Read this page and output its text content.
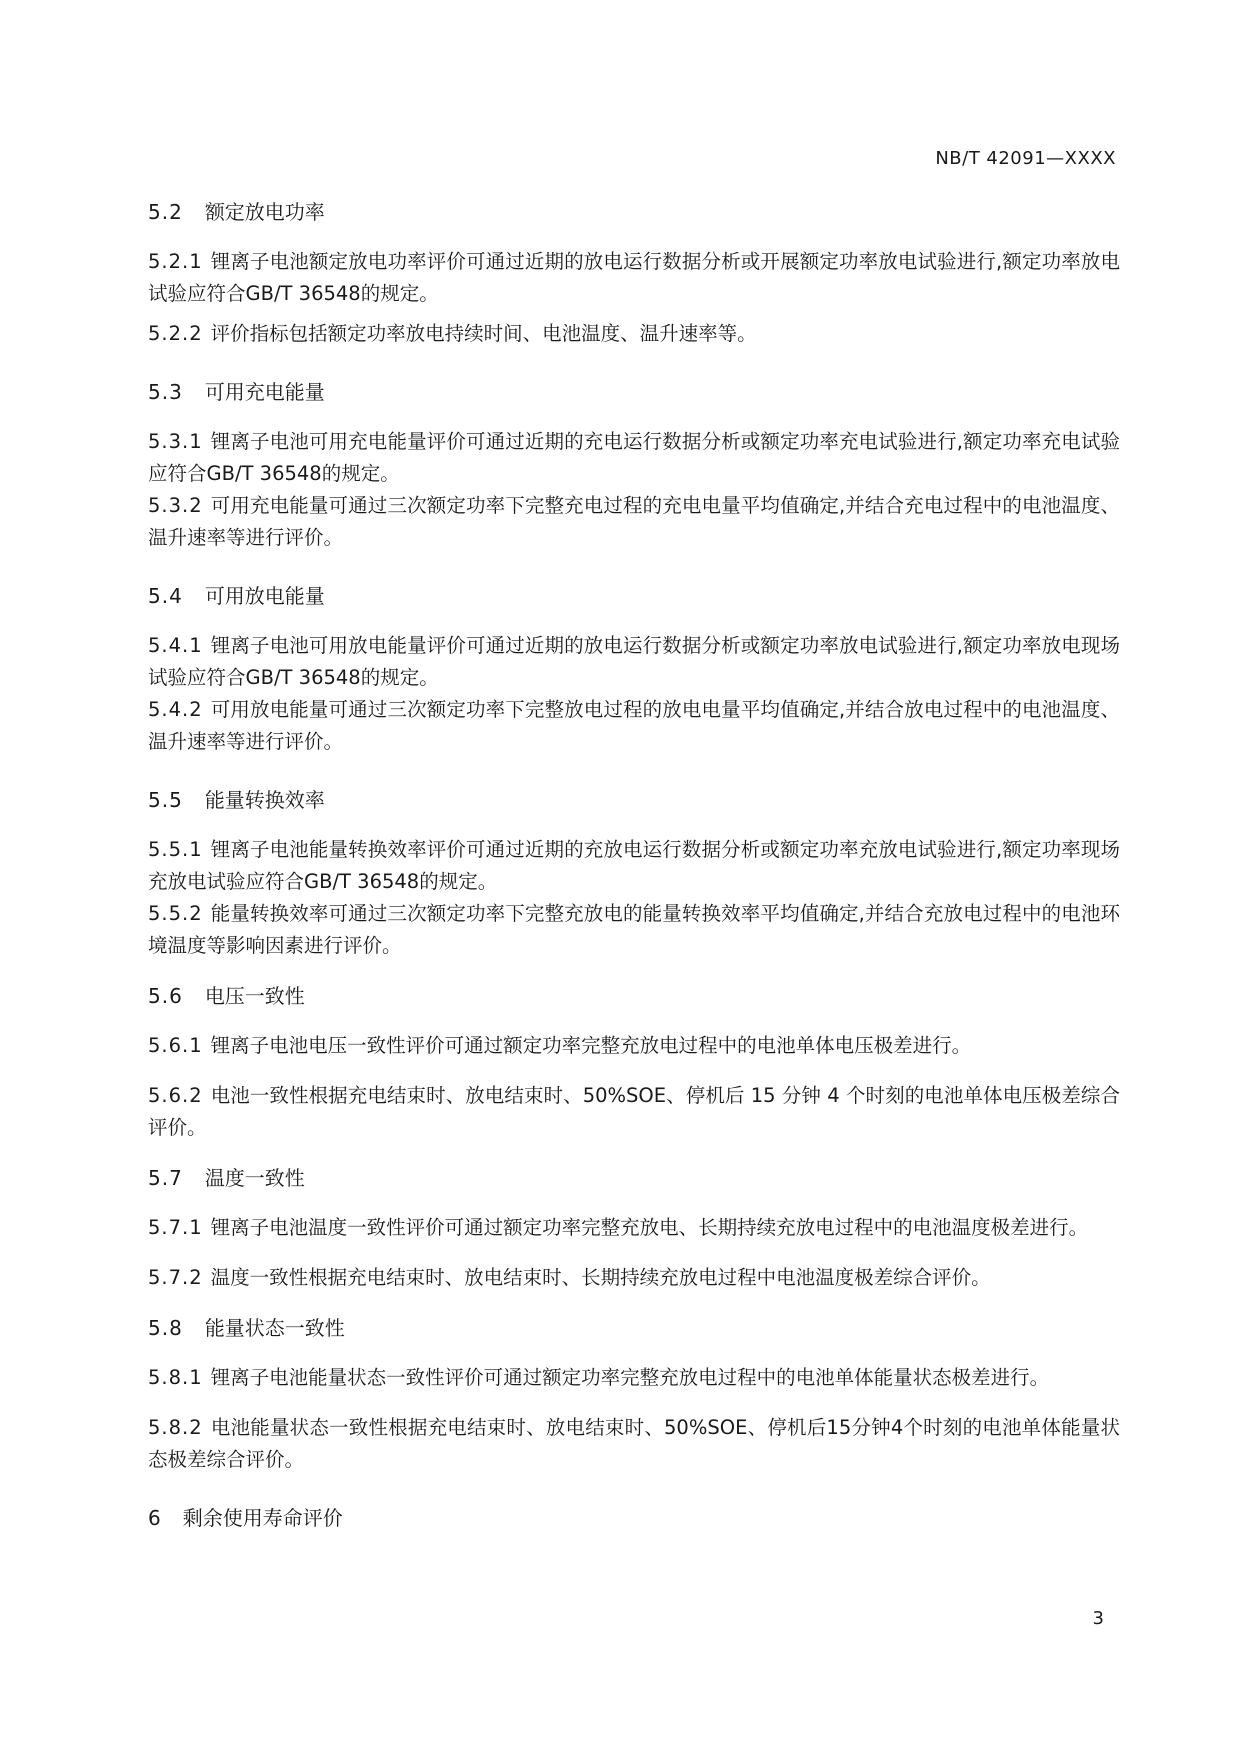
NB/T 42091—XXXX
5.2 额定放电功率

5.2.1 锂离子电池额定放电功率评价可通过近期的放电运行数据分析或开展额定功率放电试验进行,额定功率放电试验应符合GB/T 36548的规定。

5.2.2 评价指标包括额定功率放电持续时间、电池温度、温升速率等。

5.3 可用充电能量

5.3.1 锂离子电池可用充电能量评价可通过近期的充电运行数据分析或额定功率充电试验进行,额定功率充电试验应符合GB/T 36548的规定。

5.3.2 可用充电能量可通过三次额定功率下完整充电过程的充电电量平均值确定,并结合充电过程中的电池温度、温升速率等进行评价。

5.4 可用放电能量

5.4.1 锂离子电池可用放电能量评价可通过近期的放电运行数据分析或额定功率放电试验进行,额定功率放电现场试验应符合GB/T 36548的规定。

5.4.2 可用放电能量可通过三次额定功率下完整放电过程的放电电量平均值确定,并结合放电过程中的电池温度、温升速率等进行评价。

5.5 能量转换效率

5.5.1 锂离子电池能量转换效率评价可通过近期的充放电运行数据分析或额定功率充放电试验进行,额定功率现场充放电试验应符合GB/T 36548的规定。

5.5.2 能量转换效率可通过三次额定功率下完整充放电的能量转换效率平均值确定,并结合充放电过程中的电池环境温度等影响因素进行评价。

5.6 电压一致性

5.6.1 锂离子电池电压一致性评价可通过额定功率完整充放电过程中的电池单体电压极差进行。

5.6.2 电池一致性根据充电结束时、放电结束时、50%SOE、停机后 15 分钟 4 个时刻的电池单体电压极差综合评价。

5.7 温度一致性

5.7.1 锂离子电池温度一致性评价可通过额定功率完整充放电、长期持续充放电过程中的电池温度极差进行。

5.7.2 温度一致性根据充电结束时、放电结束时、长期持续充放电过程中电池温度极差综合评价。

5.8 能量状态一致性

5.8.1 锂离子电池能量状态一致性评价可通过额定功率完整充放电过程中的电池单体能量状态极差进行。

5.8.2 电池能量状态一致性根据充电结束时、放电结束时、50%SOE、停机后15分钟4个时刻的电池单体能量状态极差综合评价。

6 剩余使用寿命评价
3
